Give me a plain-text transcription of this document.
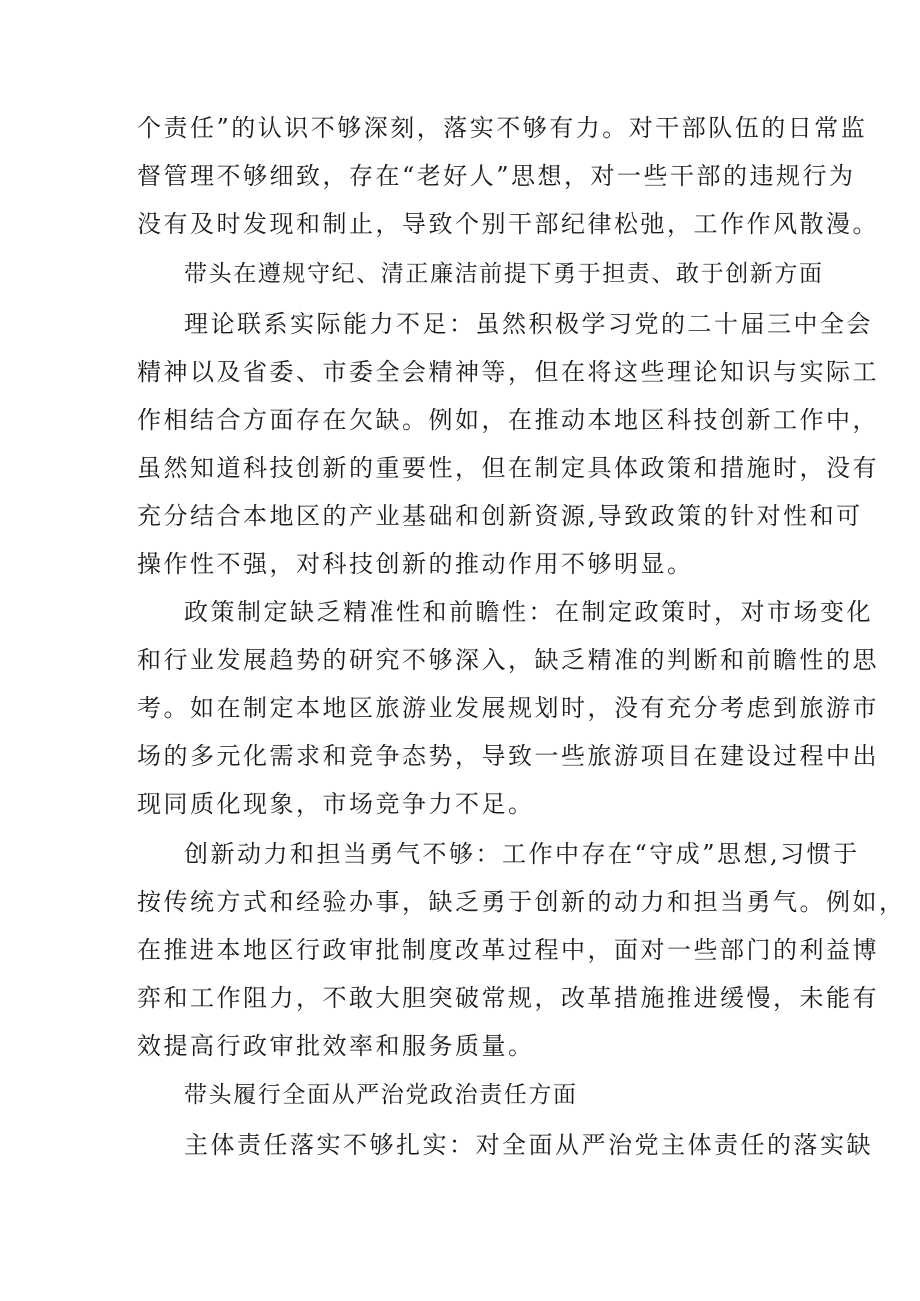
个责任”的认识不够深刻，落实不够有力。对干部队伍的日常监
督管理不够细致，存在“老好人”思想，对一些干部的违规行为
没有及时发现和制止，导致个别干部纪律松弛，工作作风散漫。
带头在遵规守纪、清正廉洁前提下勇于担责、敢于创新方面
理论联系实际能力不足：虽然积极学习党的二十届三中全会
精神以及省委、市委全会精神等，但在将这些理论知识与实际工
作相结合方面存在欠缺。例如，在推动本地区科技创新工作中，
虽然知道科技创新的重要性，但在制定具体政策和措施时，没有
充分结合本地区的产业基础和创新资源,导致政策的针对性和可
操作性不强，对科技创新的推动作用不够明显。
政策制定缺乏精准性和前瞻性：在制定政策时，对市场变化
和行业发展趋势的研究不够深入，缺乏精准的判断和前瞻性的思
考。如在制定本地区旅游业发展规划时，没有充分考虑到旅游市
场的多元化需求和竞争态势，导致一些旅游项目在建设过程中出
现同质化现象，市场竞争力不足。
创新动力和担当勇气不够：工作中存在“守成”思想,习惯于
按传统方式和经验办事，缺乏勇于创新的动力和担当勇气。例如，
在推进本地区行政审批制度改革过程中，面对一些部门的利益博
弈和工作阻力，不敢大胆突破常规，改革措施推进缓慢，未能有
效提高行政审批效率和服务质量。
带头履行全面从严治党政治责任方面
主体责任落实不够扎实：对全面从严治党主体责任的落实缺
